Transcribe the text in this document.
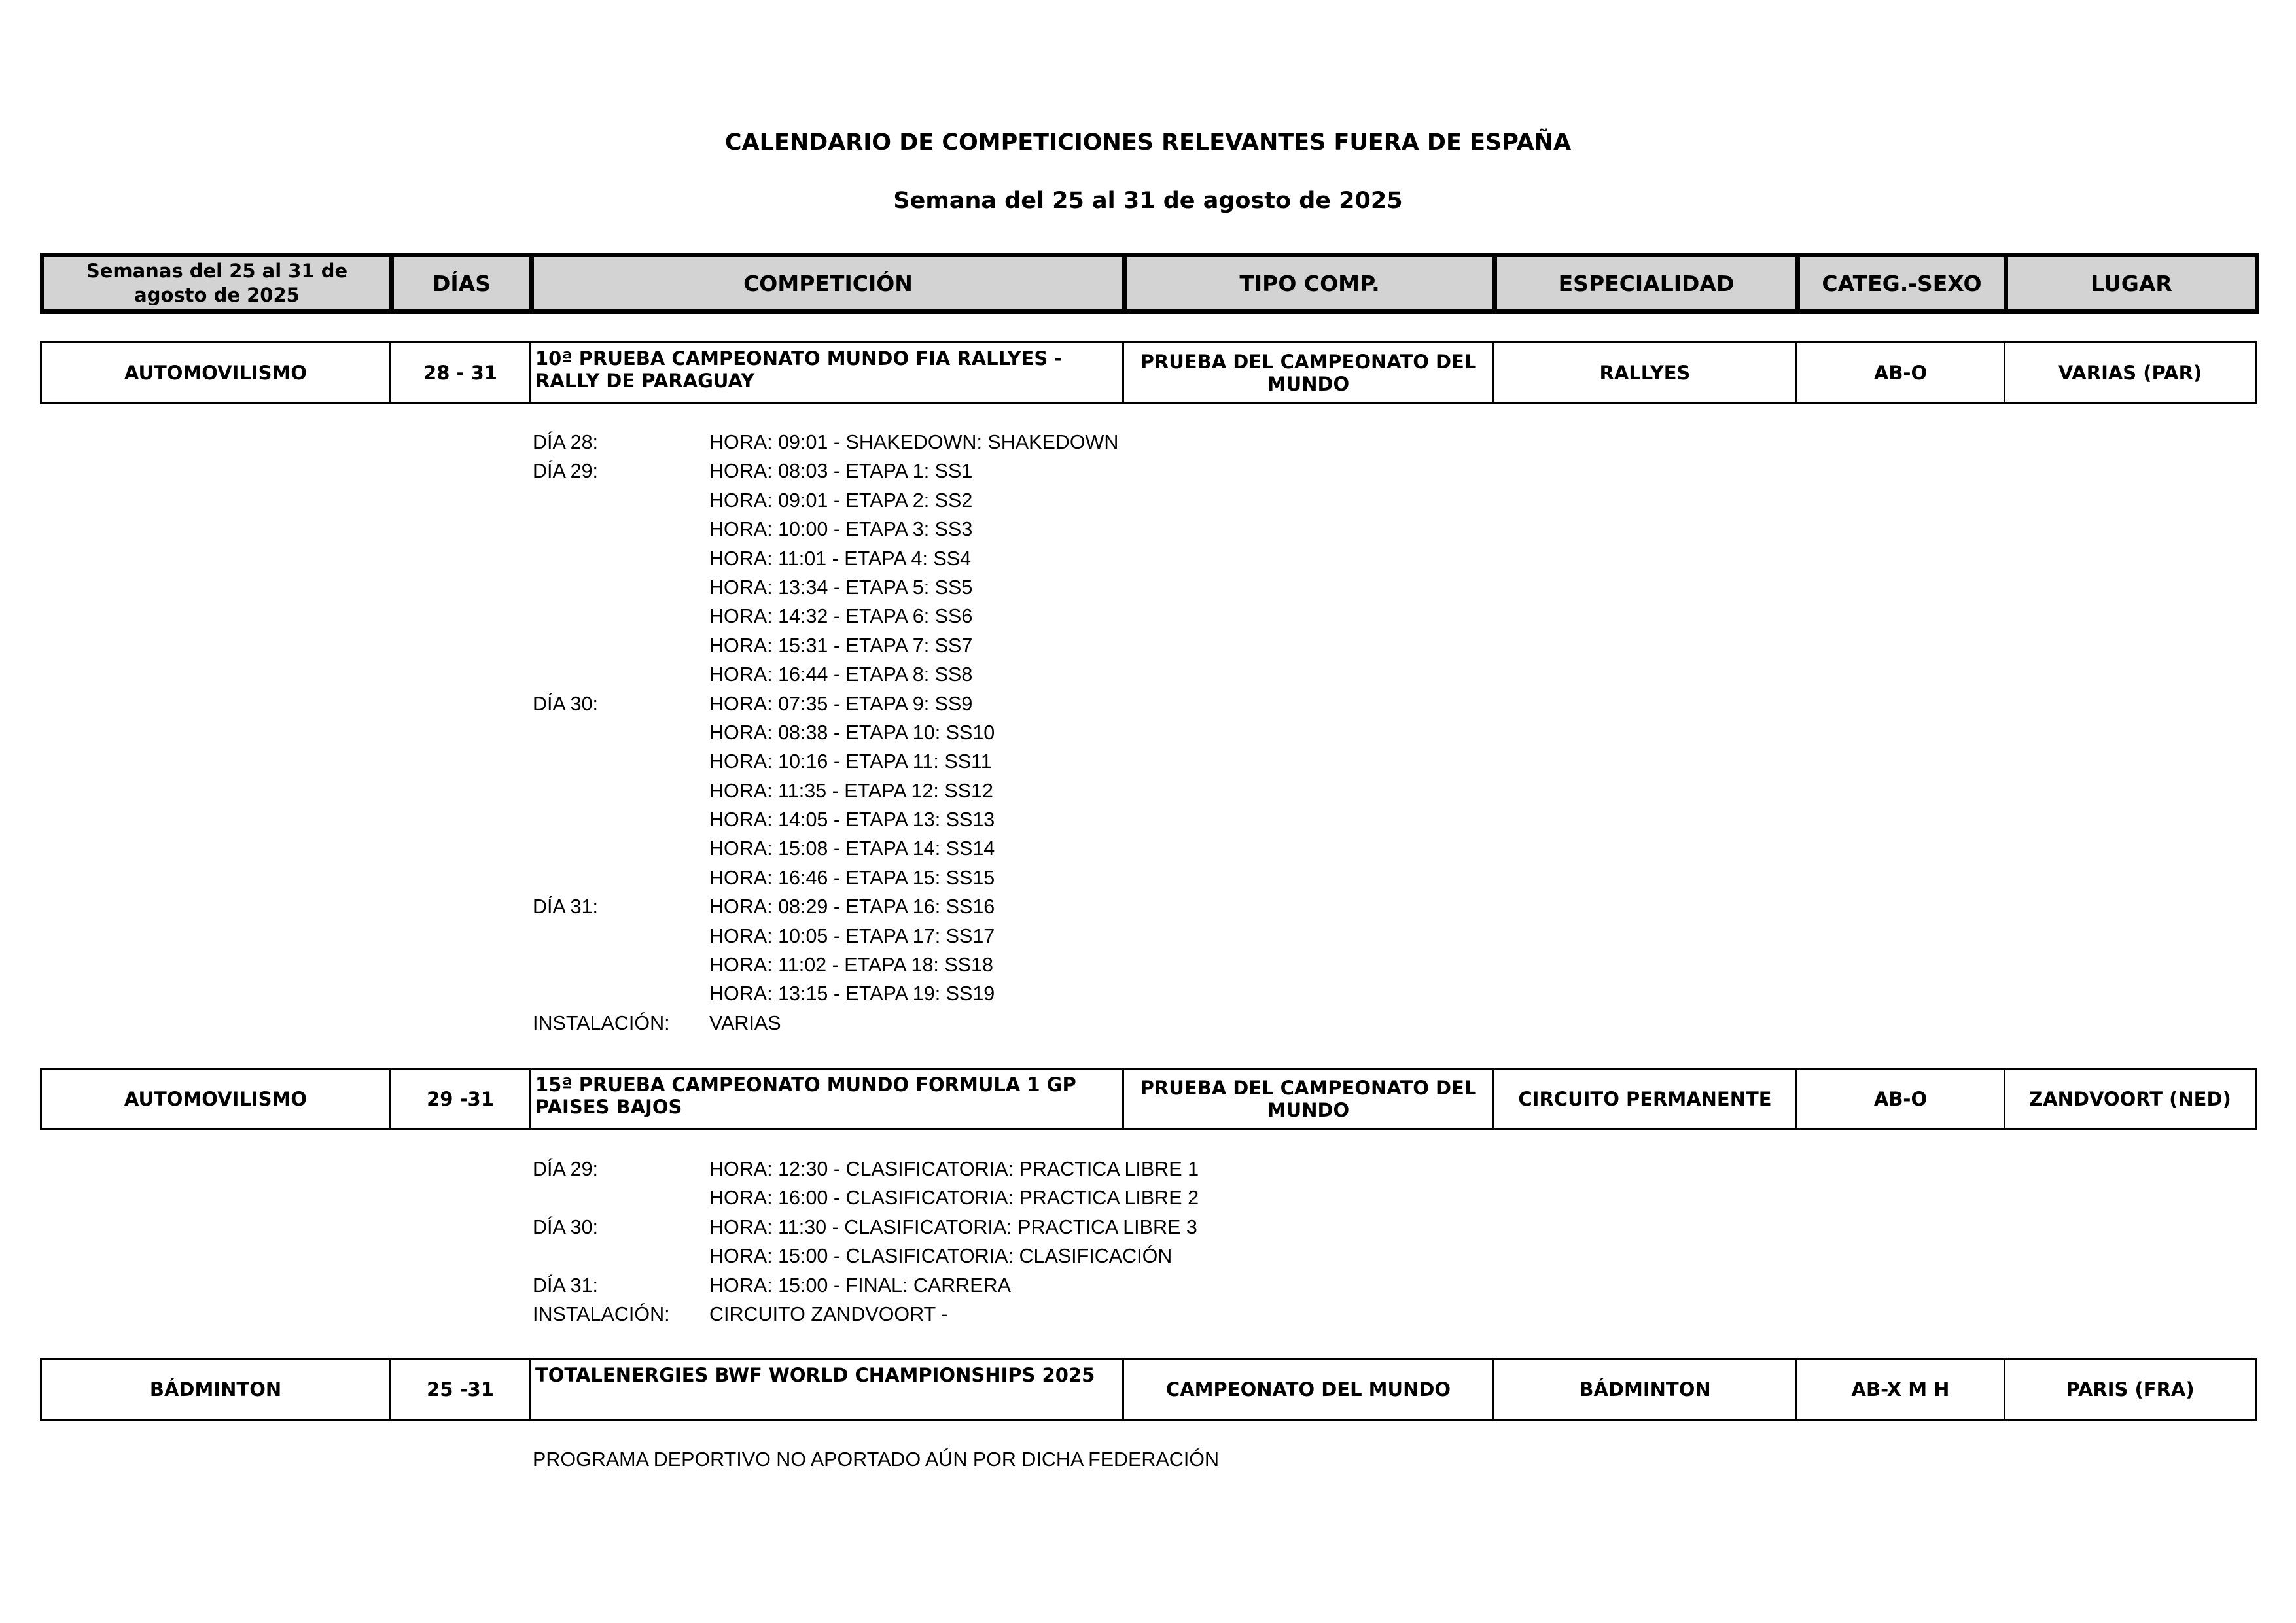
CALENDARIO DE COMPETICIONES RELEVANTES FUERA DE ESPAÑA
Semana del 25 al 31 de agosto de 2025
Semanas del 25 al 31 de agosto de 2025	DÍAS	COMPETICIÓN	TIPO COMP.	ESPECIALIDAD	CATEG.-SEXO	LUGAR
AUTOMOVILISMO	28 - 31	10ª PRUEBA CAMPEONATO MUNDO FIA RALLYES - RALLY DE PARAGUAY	PRUEBA DEL CAMPEONATO DEL MUNDO	RALLYES	AB-O	VARIAS (PAR)
DÍA 28:	HORA: 09:01 - SHAKEDOWN: SHAKEDOWN
DÍA 29:	HORA: 08:03 - ETAPA 1: SS1
HORA: 09:01 - ETAPA 2: SS2
HORA: 10:00 - ETAPA 3: SS3
HORA: 11:01 - ETAPA 4: SS4
HORA: 13:34 - ETAPA 5: SS5
HORA: 14:32 - ETAPA 6: SS6
HORA: 15:31 - ETAPA 7: SS7
HORA: 16:44 - ETAPA 8: SS8
DÍA 30:	HORA: 07:35 - ETAPA 9: SS9
HORA: 08:38 - ETAPA 10: SS10
HORA: 10:16 - ETAPA 11: SS11
HORA: 11:35 - ETAPA 12: SS12
HORA: 14:05 - ETAPA 13: SS13
HORA: 15:08 - ETAPA 14: SS14
HORA: 16:46 - ETAPA 15: SS15
DÍA 31:	HORA: 08:29 - ETAPA 16: SS16
HORA: 10:05 - ETAPA 17: SS17
HORA: 11:02 - ETAPA 18: SS18
HORA: 13:15 - ETAPA 19: SS19
INSTALACIÓN: VARIAS
AUTOMOVILISMO	29 -31	15ª PRUEBA CAMPEONATO MUNDO FORMULA 1 GP PAISES BAJOS	PRUEBA DEL CAMPEONATO DEL MUNDO	CIRCUITO PERMANENTE	AB-O	ZANDVOORT (NED)
DÍA 29:	HORA: 12:30 - CLASIFICATORIA: PRACTICA LIBRE 1
HORA: 16:00 - CLASIFICATORIA: PRACTICA LIBRE 2
DÍA 30:	HORA: 11:30 - CLASIFICATORIA: PRACTICA LIBRE 3
HORA: 15:00 - CLASIFICATORIA: CLASIFICACIÓN
DÍA 31:	HORA: 15:00 - FINAL: CARRERA
INSTALACIÓN: CIRCUITO ZANDVOORT -
BÁDMINTON	25 -31	TOTALENERGIES BWF WORLD CHAMPIONSHIPS 2025	CAMPEONATO DEL MUNDO	BÁDMINTON	AB-X M H	PARIS (FRA)
PROGRAMA DEPORTIVO NO APORTADO AÚN POR DICHA FEDERACIÓN
